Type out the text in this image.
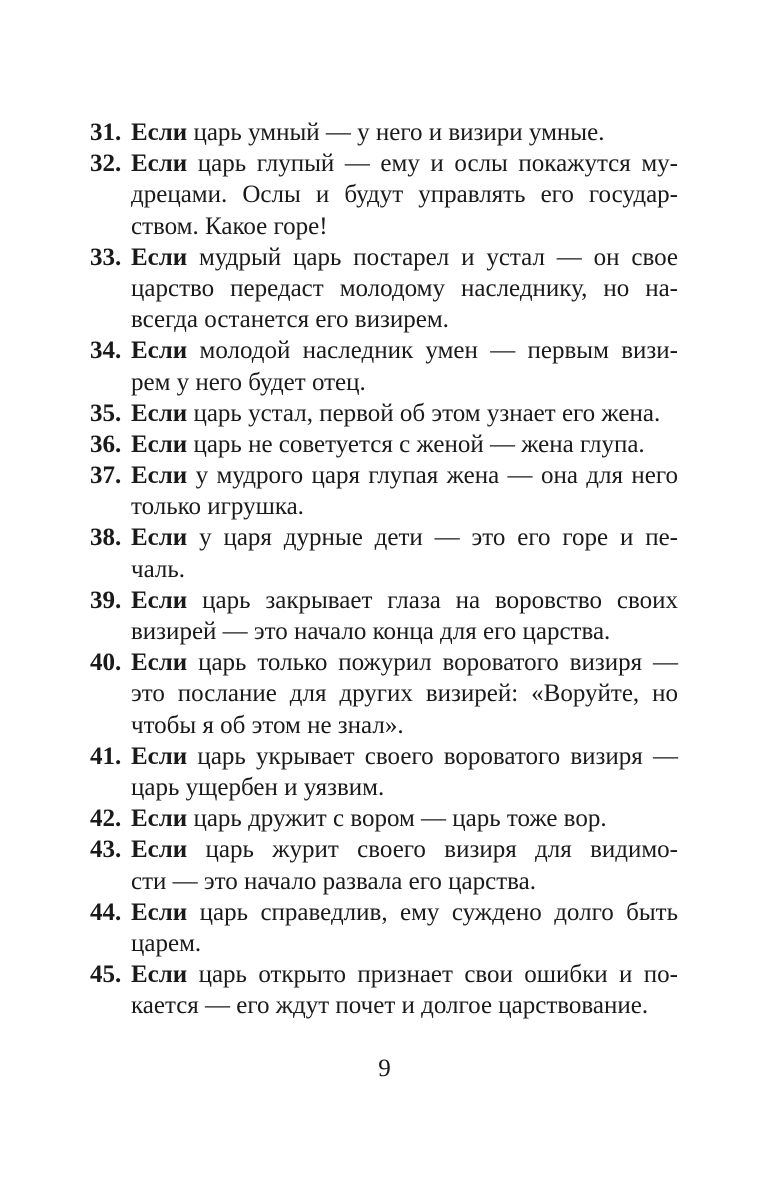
31. Если царь умный — у него и визири умные.
32. Если царь глупый — ему и ослы покажутся му-
дрецами. Ослы и будут управлять его государ-
ством. Какое горе!
33. Если мудрый царь постарел и устал — он свое
царство передаст молодому наследнику, но на-
всегда останется его визирем.
34. Если молодой наследник умен — первым визи-
рем у него будет отец.
35. Если царь устал, первой об этом узнает его жена.
36. Если царь не советуется с женой — жена глупа.
37. Если у мудрого царя глупая жена — она для него
только игрушка.
38. Если у царя дурные дети — это его горе и пе-
чаль.
39. Если царь закрывает глаза на воровство своих
визирей — это начало конца для его царства.
40. Если царь только пожурил вороватого визиря —
это послание для других визирей: «Воруйте, но
чтобы я об этом не знал».
41. Если царь укрывает своего вороватого визиря —
царь ущербен и уязвим.
42. Если царь дружит с вором — царь тоже вор.
43. Если царь журит своего визиря для видимо-
сти — это начало развала его царства.
44. Если царь справедлив, ему суждено долго быть
царем.
45. Если царь открыто признает свои ошибки и по-
кается — его ждут почет и долгое царствование.
9
